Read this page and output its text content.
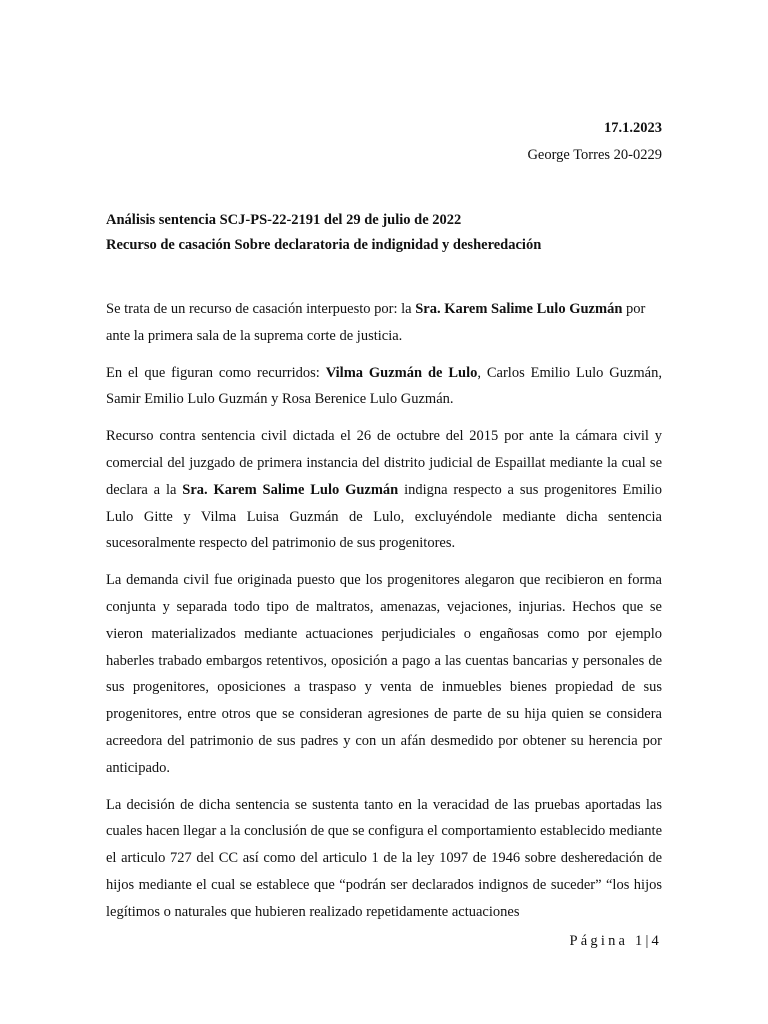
17.1.2023
George Torres 20-0229

Análisis sentencia SCJ-PS-22-2191 del 29 de julio de 2022

Recurso de casación Sobre declaratoria de indignidad y desheredación

Se trata de un recurso de casación interpuesto por: la Sra. Karem Salime Lulo Guzmán por ante la primera sala de la suprema corte de justicia.

En el que figuran como recurridos: Vilma Guzmán de Lulo, Carlos Emilio Lulo Guzmán, Samir Emilio Lulo Guzmán y Rosa Berenice Lulo Guzmán.

Recurso contra sentencia civil dictada el 26 de octubre del 2015 por ante la cámara civil y comercial del juzgado de primera instancia del distrito judicial de Espaillat mediante la cual se declara a la Sra. Karem Salime Lulo Guzmán indigna respecto a sus progenitores Emilio Lulo Gitte y Vilma Luisa Guzmán de Lulo, excluyéndole mediante dicha sentencia sucesoralmente respecto del patrimonio de sus progenitores.

La demanda civil fue originada puesto que los progenitores alegaron que recibieron en forma conjunta y separada todo tipo de maltratos, amenazas, vejaciones, injurias. Hechos que se vieron materializados mediante actuaciones perjudiciales o engañosas como por ejemplo haberles trabado embargos retentivos, oposición a pago a las cuentas bancarias y personales de sus progenitores, oposiciones a traspaso y venta de inmuebles bienes propiedad de sus progenitores, entre otros que se consideran agresiones de parte de su hija quien se considera acreedora del patrimonio de sus padres y con un afán desmedido por obtener su herencia por anticipado.

La decisión de dicha sentencia se sustenta tanto en la veracidad de las pruebas aportadas las cuales hacen llegar a la conclusión de que se configura el comportamiento establecido mediante el articulo 727 del CC así como del articulo 1 de la ley 1097 de 1946 sobre desheredación de hijos mediante el cual se establece que “podrán ser declarados indignos de suceder” “los hijos legítimos o naturales que hubieren realizado repetidamente actuaciones

Página 1|4
